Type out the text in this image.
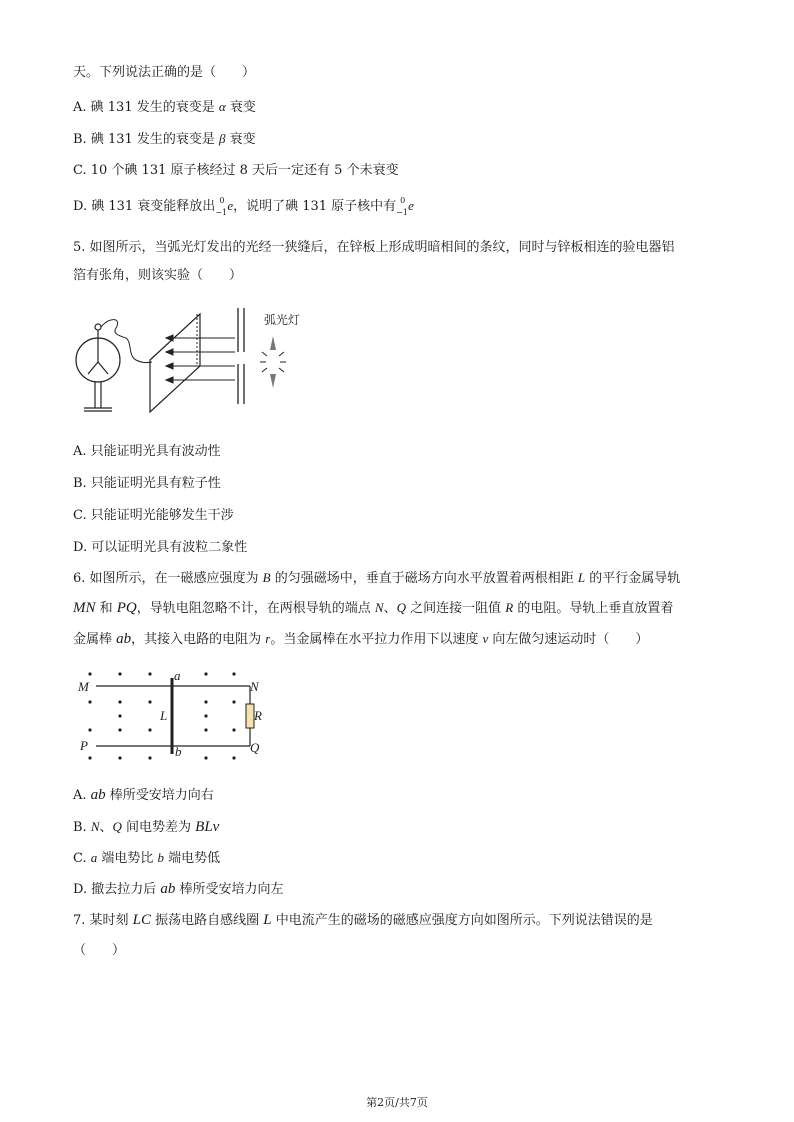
天。下列说法正确的是（　　）
A. 碘 131 发生的衰变是 α 衰变
B. 碘 131 发生的衰变是 β 衰变
C. 10 个碘 131 原子核经过 8 天后一定还有 5 个未衰变
D. 碘 131 衰变能释放出 0
−1 e，说明了碘 131 原子核中有 0
−1 e
5. 如图所示，当弧光灯发出的光经一狭缝后，在锌板上形成明暗相间的条纹，同时与锌板相连的验电器铝
箔有张角，则该实验（　　）
弧光灯
A. 只能证明光具有波动性
B. 只能证明光具有粒子性
C. 只能证明光能够发生干涉
D. 可以证明光具有波粒二象性
6. 如图所示，在一磁感应强度为 B 的匀强磁场中，垂直于磁场方向水平放置着两根相距 L 的平行金属导轨
MN 和 PQ，导轨电阻忽略不计，在两根导轨的端点 N、Q 之间连接一阻值 R 的电阻。导轨上垂直放置着
金属棒 ab，其接入电路的电阻为 r。当金属棒在水平拉力作用下以速度 v 向左做匀速运动时（　　）
M	N
P	Q
a
b
L	R
A. ab 棒所受安培力向右
B. N、Q 间电势差为 BLv
C. a 端电势比 b 端电势低
D. 撤去拉力后 ab 棒所受安培力向左
7. 某时刻 LC 振荡电路自感线圈 L 中电流产生的磁场的磁感应强度方向如图所示。下列说法错误的是
（　　）
第2页/共7页
